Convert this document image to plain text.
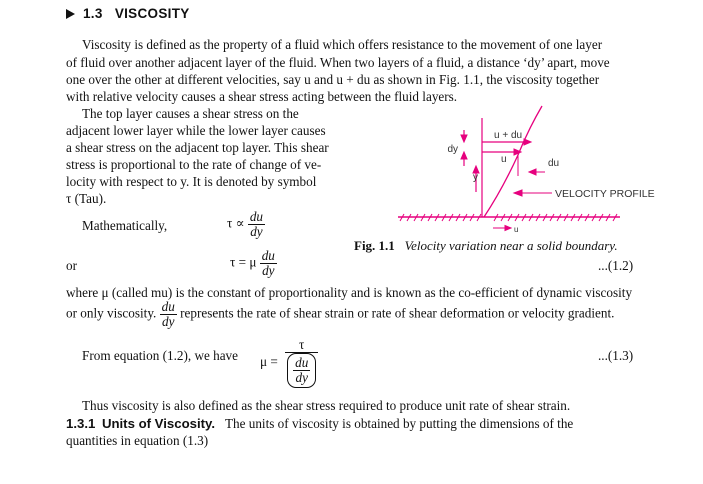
1.3 VISCOSITY
Viscosity is defined as the property of a fluid which offers resistance to the movement of one layer
of fluid over another adjacent layer of the fluid. When two layers of a fluid, a distance ‘dy’ apart, move
one over the other at different velocities, say u and u + du as shown in Fig. 1.1, the viscosity together
with relative velocity causes a shear stress acting between the fluid layers.
The top layer causes a shear stress on the
adjacent lower layer while the lower layer causes
a shear stress on the adjacent top layer. This shear
stress is proportional to the rate of change of ve-
locity with respect to y. It is denoted by symbol
τ (Tau).
u + du
u
dy
du
y
VELOCITY PROFILE
u
Fig. 1.1 Velocity variation near a solid boundary.
Mathematically,	$\tau \propto \frac{du}{dy}$
or	τ = μ $\frac{du}{dy}$	...(1.2)
where μ (called mu) is the constant of proportionality and is known as the co-efficient of dynamic viscosity
or only viscosity. $\frac{du}{dy}$ represents the rate of shear strain or rate of shear deformation or velocity gradient.
From equation (1.2), we have $\mu = \frac{\tau}{\frac{du}{dy}}$	...(1.3)
Thus viscosity is also defined as the shear stress required to produce unit rate of shear strain.
1.3.1 Units of Viscosity. The units of viscosity is obtained by putting the dimensions of the
quantities in equation (1.3)
